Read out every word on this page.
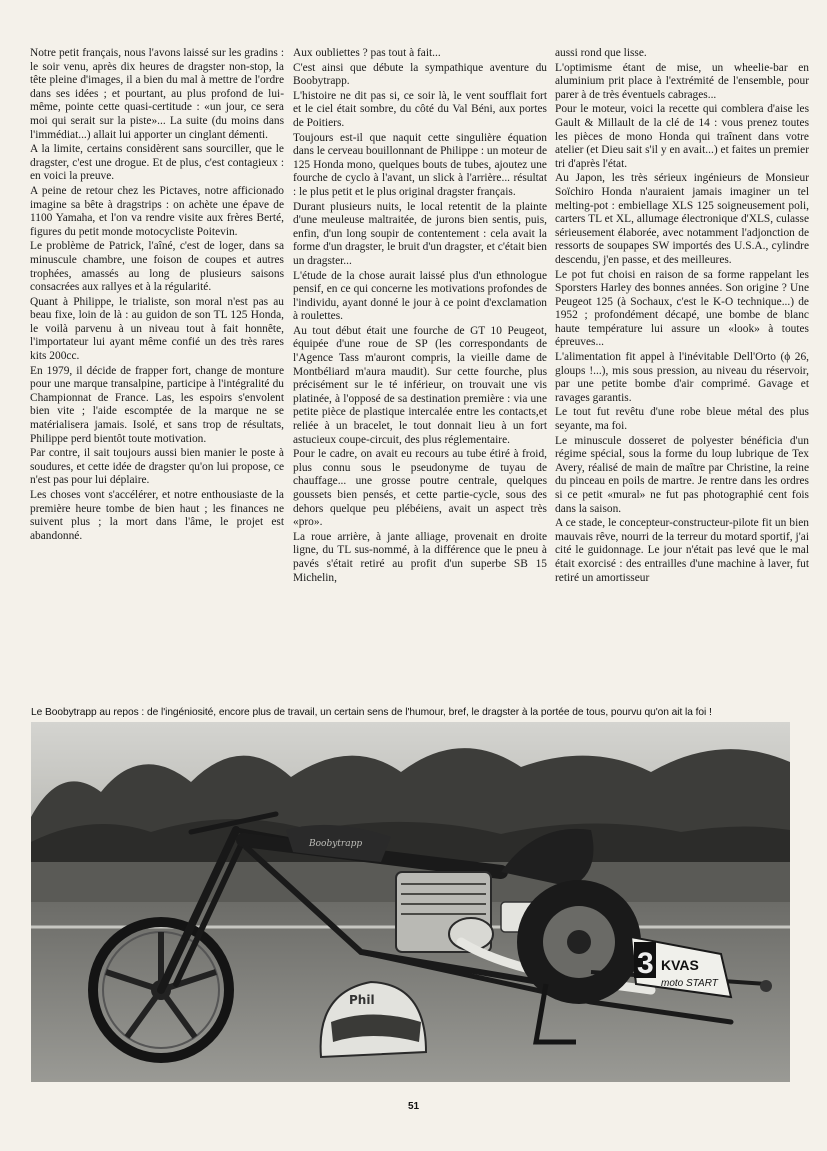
Notre petit français, nous l'avons laissé sur les gradins : le soir venu, après dix heures de dragster non-stop, la tête pleine d'images, il a bien du mal à mettre de l'ordre dans ses idées ; et pourtant, au plus profond de lui-même, pointe cette quasi-certitude : «un jour, ce sera moi qui serait sur la piste»... La suite (du moins dans l'immédiat...) allait lui apporter un cinglant démenti.

A la limite, certains considèrent sans sourciller, que le dragster, c'est une drogue. Et de plus, c'est contagieux : en voici la preuve.

A peine de retour chez les Pictaves, notre afficionado imagine sa bête à dragstrips : on achète une épave de 1100 Yamaha, et l'on va rendre visite aux frères Berté, figures du petit monde motocycliste Poitevin.

Le problème de Patrick, l'aîné, c'est de loger, dans sa minuscule chambre, une foison de coupes et autres trophées, amassés au long de plusieurs saisons consacrées aux rallyes et à la régularité.

Quant à Philippe, le trialiste, son moral n'est pas au beau fixe, loin de là : au guidon de son TL 125 Honda, le voilà parvenu à un niveau tout à fait honnête, l'importateur lui ayant même confié un des très rares kits 200cc.

En 1979, il décide de frapper fort, change de monture pour une marque transalpine, participe à l'intégralité du Championnat de France. Las, les espoirs s'envolent bien vite ; l'aide escomptée de la marque ne se matérialisera jamais. Isolé, et sans trop de résultats, Philippe perd bientôt toute motivation.

Par contre, il sait toujours aussi bien manier le poste à soudures, et cette idée de dragster qu'on lui propose, ce n'est pas pour lui déplaire.

Les choses vont s'accélérer, et notre enthousiaste de la première heure tombe de bien haut ; les finances ne suivent plus ; la mort dans l'âme, le projet est abandonné.

Aux oubliettes ? pas tout à fait...

C'est ainsi que débute la sympathique aventure du Boobytrapp.

L'histoire ne dit pas si, ce soir là, le vent soufflait fort et le ciel était sombre, du côté du Val Béni, aux portes de Poitiers.

Toujours est-il que naquit cette singulière équation dans le cerveau bouillonnant de Philippe : un moteur de 125 Honda mono, quelques bouts de tubes, ajoutez une fourche de cyclo à l'avant, un slick à l'arrière... résultat : le plus petit et le plus original dragster français.

Durant plusieurs nuits, le local retentit de la plainte d'une meuleuse maltraitée, de jurons bien sentis, puis, enfin, d'un long soupir de contentement : cela avait la forme d'un dragster, le bruit d'un dragster, et c'était bien un dragster...

L'étude de la chose aurait laissé plus d'un ethnologue pensif, en ce qui concerne les motivations profondes de l'individu, ayant donné le jour à ce point d'exclamation à roulettes.

Au tout début était une fourche de GT 10 Peugeot, équipée d'une roue de SP (les correspondants de l'Agence Tass m'auront compris, la vieille dame de Montbéliard m'aura maudit). Sur cette fourche, plus précisément sur le té inférieur, on trouvait une vis platinée, à l'opposé de sa destination première : via une petite pièce de plastique intercalée entre les contacts,et reliée à un bracelet, le tout donnait lieu à un fort astucieux coupe-circuit, des plus réglementaire.

Pour le cadre, on avait eu recours au tube étiré à froid, plus connu sous le pseudonyme de tuyau de chauffage... une grosse poutre centrale, quelques goussets bien pensés, et cette partie-cycle, sous des dehors quelque peu plébéiens, avait un aspect très «pro».

La roue arrière, à jante alliage, provenait en droite ligne, du TL sus-nommé, à la différence que le pneu à pavés s'était retiré au profit d'un superbe SB 15 Michelin,

aussi rond que lisse.

L'optimisme étant de mise, un wheelie-bar en aluminium prit place à l'extrémité de l'ensemble, pour parer à de très éventuels cabrages...

Pour le moteur, voici la recette qui comblera d'aise les Gault & Millault de la clé de 14 : vous prenez toutes les pièces de mono Honda qui traînent dans votre atelier (et Dieu sait s'il y en avait...) et faites un premier tri d'après l'état.

Au Japon, les très sérieux ingénieurs de Monsieur Soïchiro Honda n'auraient jamais imaginer un tel melting-pot : embiellage XLS 125 soigneusement poli, carters TL et XL, allumage électronique d'XLS, culasse sérieusement élaborée, avec notamment l'adjonction de ressorts de soupapes SW importés des U.S.A., cylindre descendu, j'en passe, et des meilleures.

Le pot fut choisi en raison de sa forme rappelant les Sporsters Harley des bonnes années. Son origine ? Une Peugeot 125 (à Sochaux, c'est le K-O technique...) de 1952 ; profondément décapé, une bombe de blanc haute température lui assure un «look» à toutes épreuves...

L'alimentation fit appel à l'inévitable Dell'Orto (ϕ 26, gloups !...), mis sous pression, au niveau du réservoir, par une petite bombe d'air comprimé. Gavage et ravages garantis.

Le tout fut revêtu d'une robe bleue métal des plus seyante, ma foi.

Le minuscule dosseret de polyester bénéficia d'un régime spécial, sous la forme du loup lubrique de Tex Avery, réalisé de main de maître par Christine, la reine du pinceau en poils de martre. Je rentre dans les ordres si ce petit «mural» ne fut pas photographié cent fois dans la saison.

A ce stade, le concepteur-constructeur-pilote fit un bien mauvais rêve, nourri de la terreur du motard sportif, j'ai cité le guidonnage. Le jour n'était pas levé que le mal était exorcisé : des entrailles d'une machine à laver, fut retiré un amortisseur

Le Boobytrapp au repos : de l'ingéniosité, encore plus de travail, un certain sens de l'humour, bref, le dragster à la portée de tous, pourvu qu'on ait la foi !
Boobytrapp
3 KVAS
moto START
Phil
51
